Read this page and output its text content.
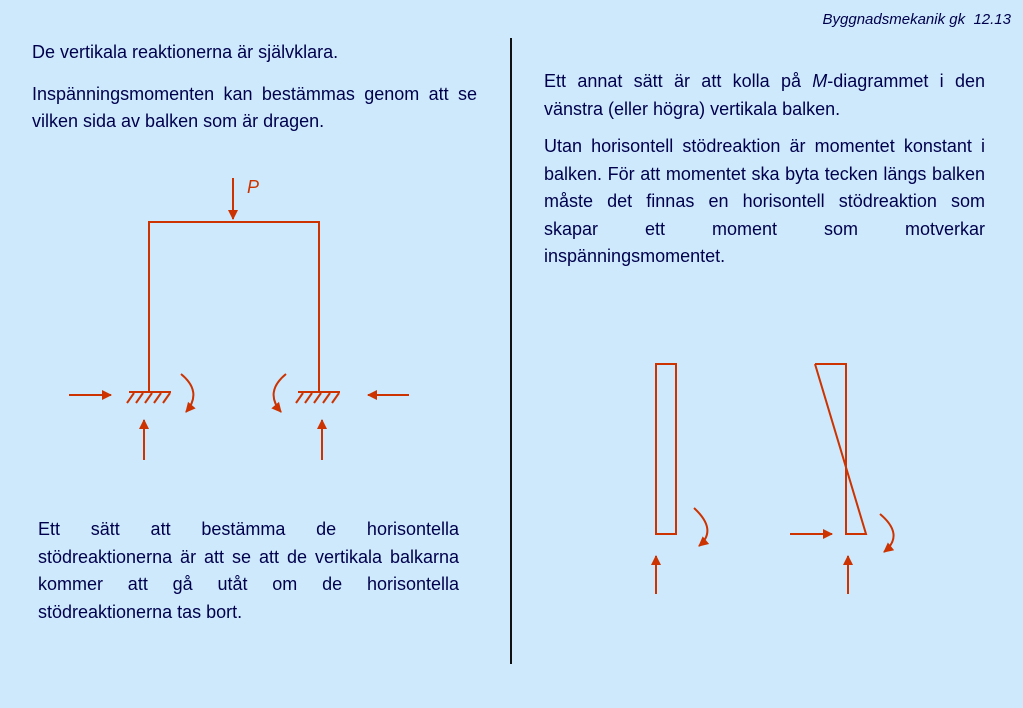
Byggnadsmekanik gk 12.13

De vertikala reaktionerna är självklara.

Inspänningsmomenten kan bestämmas genom att se vilken sida av balken som är dragen.

Ett sätt att bestämma de horisontella stödreaktionerna är att se att de vertikala balkarna kommer att gå utåt om de horisontella stödreaktionerna tas bort.

Ett annat sätt är att kolla på M-diagrammet i den vänstra (eller högra) vertikala balken.

Utan horisontell stödreaktion är momentet konstant i balken. För att momentet ska byta tecken längs balken måste det finnas en horisontell stödreaktion som skapar ett moment som motverkar inspänningsmomentet.

P
